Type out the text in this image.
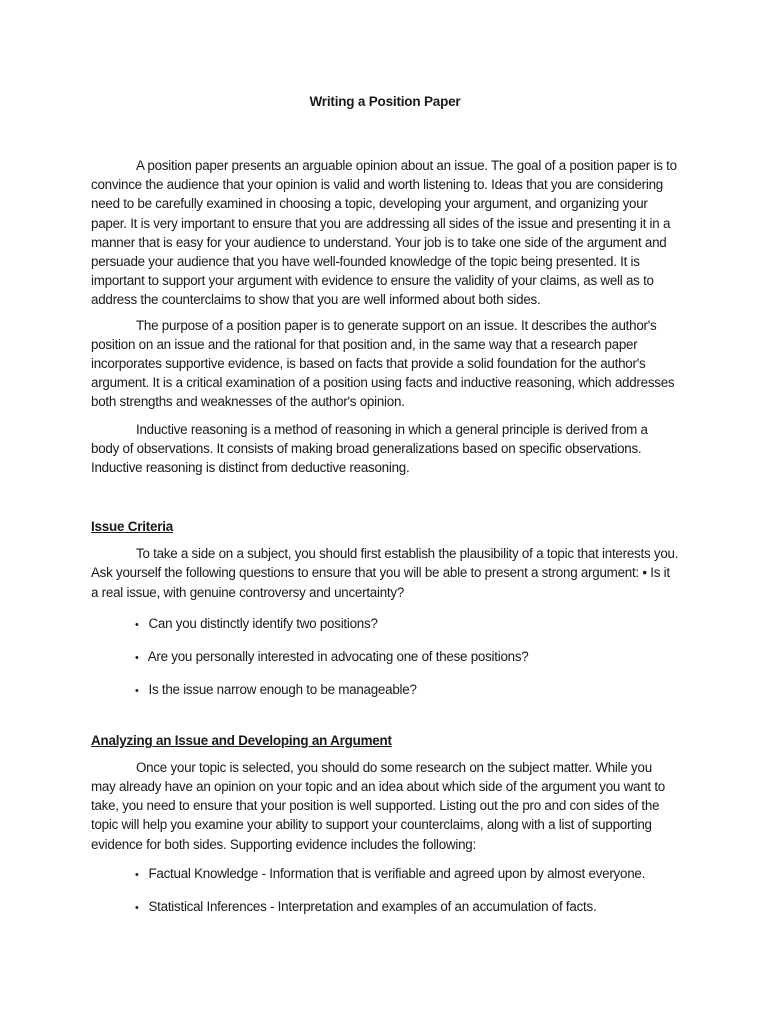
Writing a Position Paper

A position paper presents an arguable opinion about an issue. The goal of a position paper is to convince the audience that your opinion is valid and worth listening to. Ideas that you are considering need to be carefully examined in choosing a topic, developing your argument, and organizing your paper. It is very important to ensure that you are addressing all sides of the issue and presenting it in a manner that is easy for your audience to understand. Your job is to take one side of the argument and persuade your audience that you have well-founded knowledge of the topic being presented. It is important to support your argument with evidence to ensure the validity of your claims, as well as to address the counterclaims to show that you are well informed about both sides.

The purpose of a position paper is to generate support on an issue. It describes the author's position on an issue and the rational for that position and, in the same way that a research paper incorporates supportive evidence, is based on facts that provide a solid foundation for the author's argument. It is a critical examination of a position using facts and inductive reasoning, which addresses both strengths and weaknesses of the author's opinion.

Inductive reasoning is a method of reasoning in which a general principle is derived from a body of observations. It consists of making broad generalizations based on specific observations. Inductive reasoning is distinct from deductive reasoning.

Issue Criteria

To take a side on a subject, you should first establish the plausibility of a topic that interests you. Ask yourself the following questions to ensure that you will be able to present a strong argument: • Is it a real issue, with genuine controversy and uncertainty?

• Can you distinctly identify two positions?
• Are you personally interested in advocating one of these positions?
• Is the issue narrow enough to be manageable?
Analyzing an Issue and Developing an Argument

Once your topic is selected, you should do some research on the subject matter. While you may already have an opinion on your topic and an idea about which side of the argument you want to take, you need to ensure that your position is well supported. Listing out the pro and con sides of the topic will help you examine your ability to support your counterclaims, along with a list of supporting evidence for both sides. Supporting evidence includes the following:

• Factual Knowledge - Information that is verifiable and agreed upon by almost everyone.
• Statistical Inferences - Interpretation and examples of an accumulation of facts.
